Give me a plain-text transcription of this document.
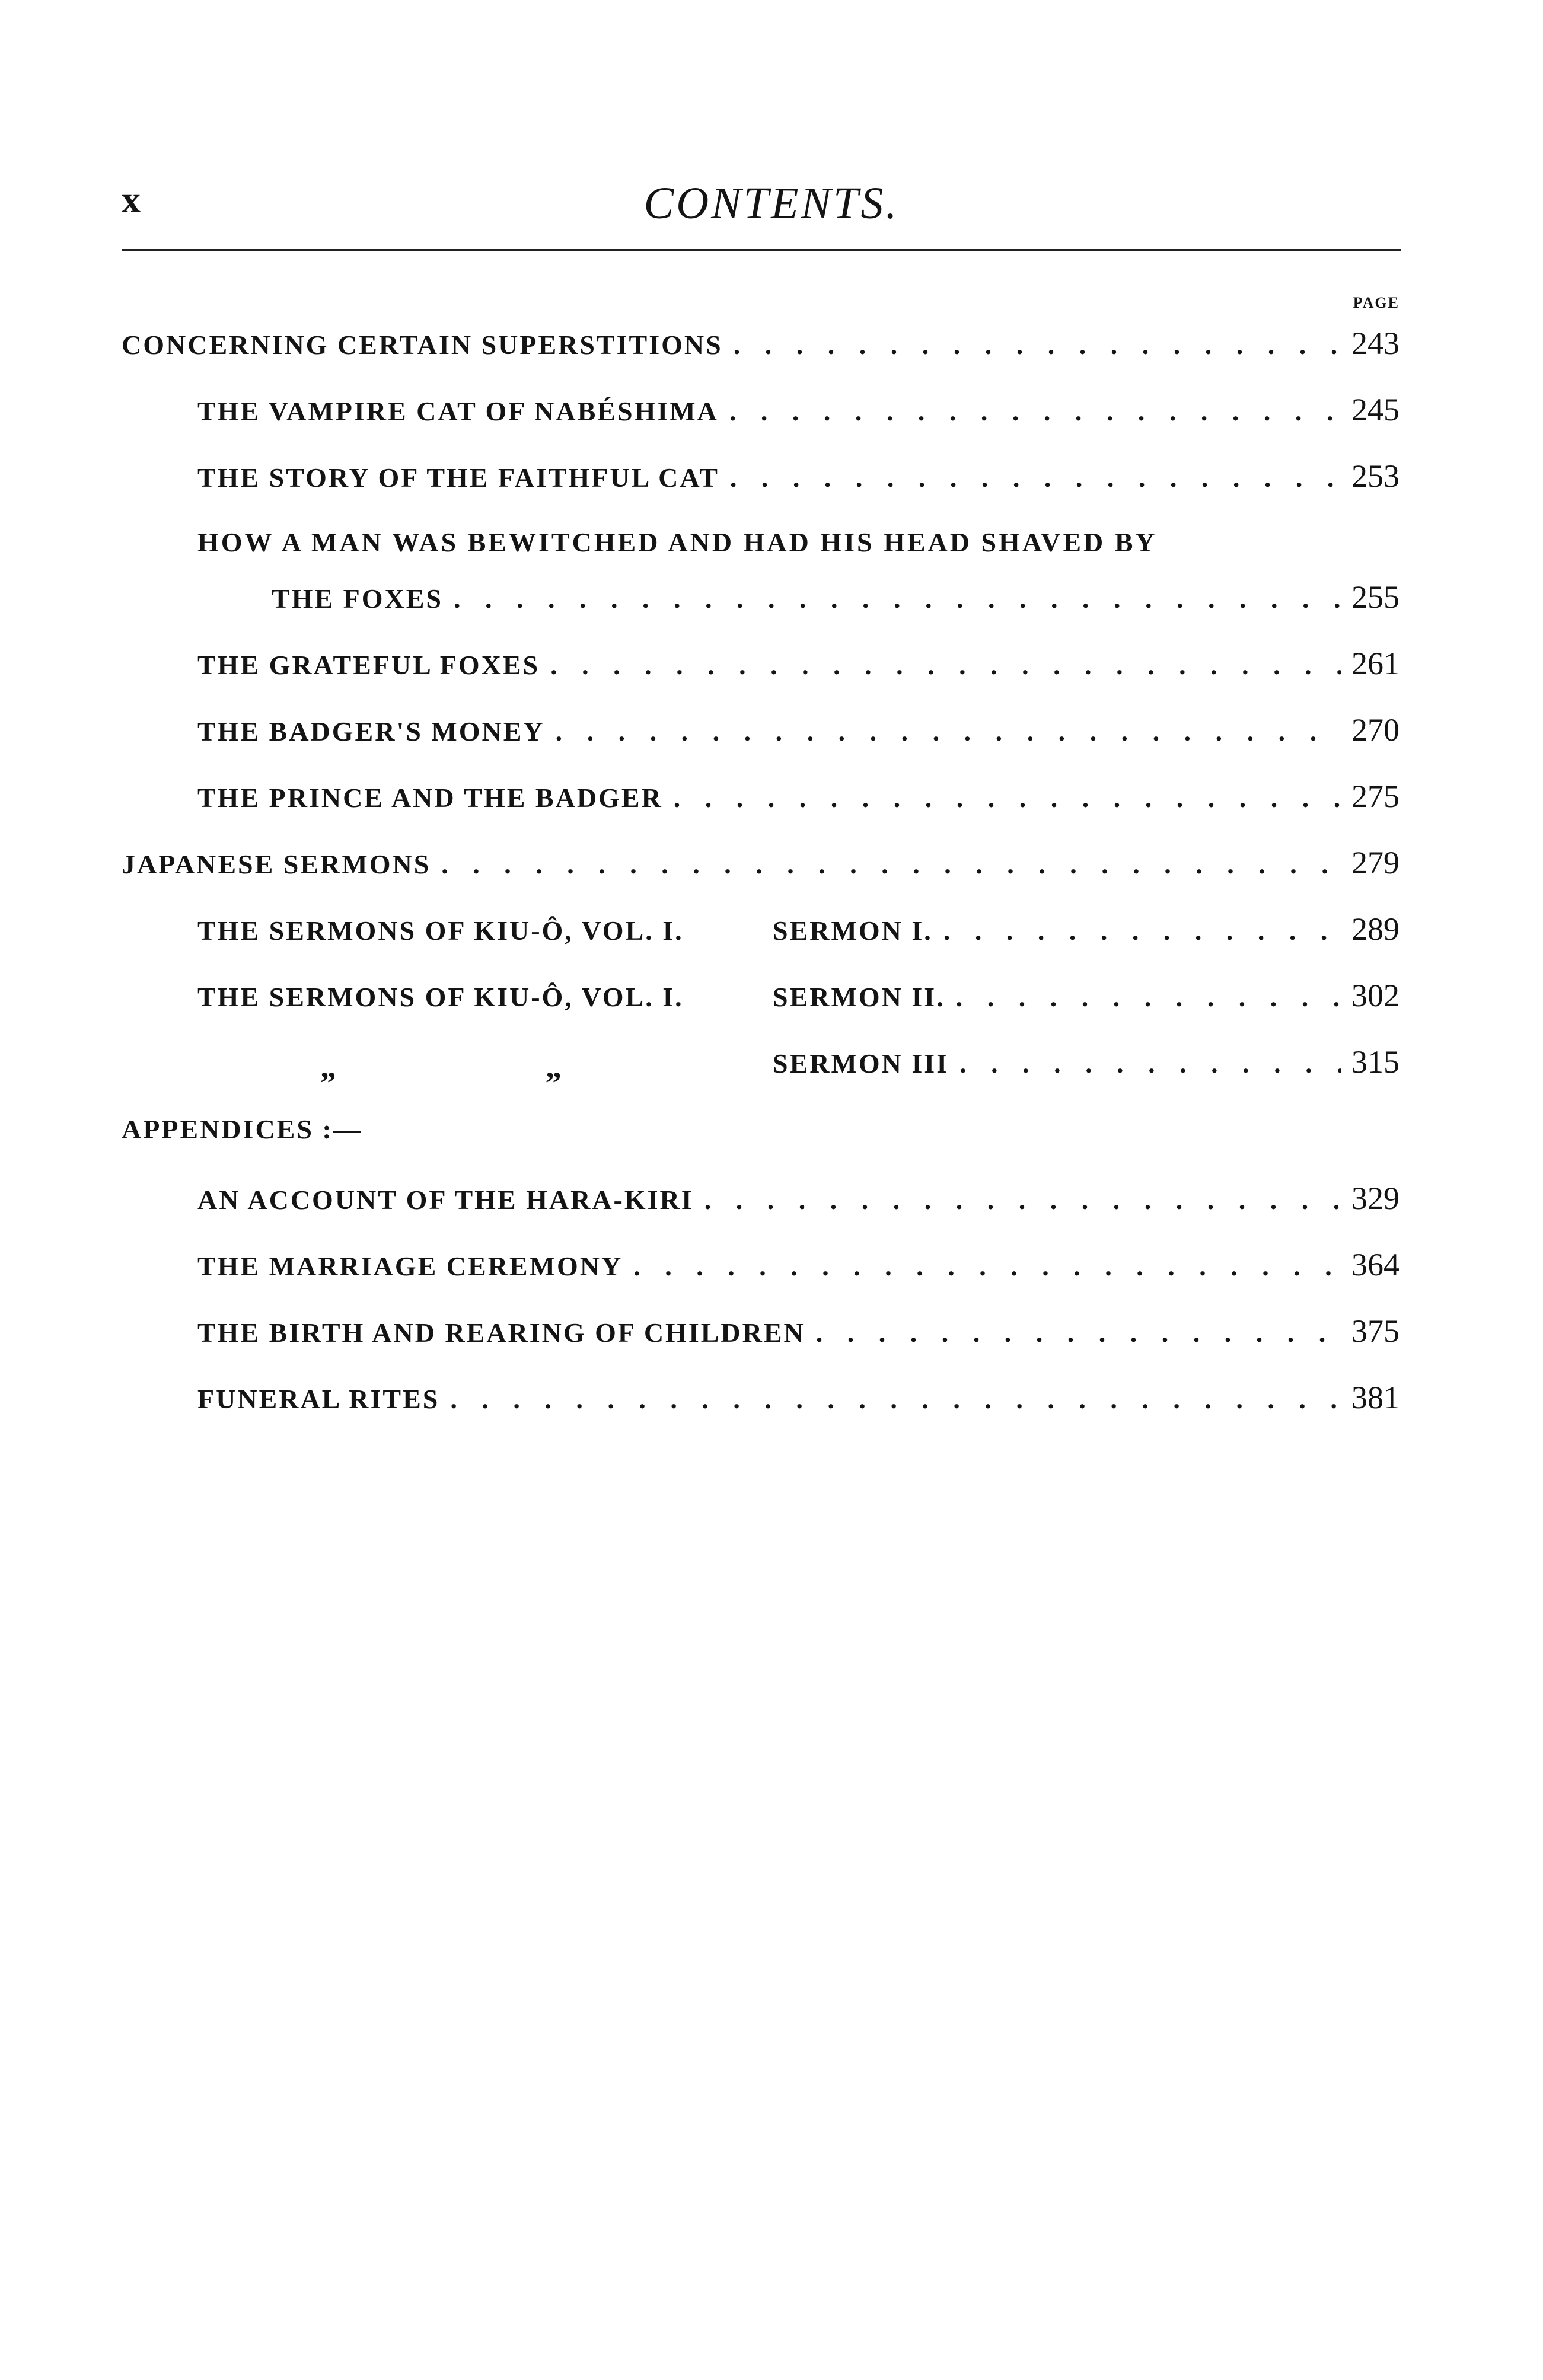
x	CONTENTS.
PAGE
CONCERNING CERTAIN SUPERSTITIONS . . .	243
THE VAMPIRE CAT OF NABÉSHIMA . . .	245
THE STORY OF THE FAITHFUL CAT . . .	253
HOW A MAN WAS BEWITCHED AND HAD HIS HEAD SHAVED BY
THE FOXES . . .	255
THE GRATEFUL FOXES . . .	261
THE BADGER'S MONEY . . .	270
THE PRINCE AND THE BADGER . . .	275
JAPANESE SERMONS . . .	279
THE SERMONS OF KIU-Ô, VOL. I.	SERMON I. . . .	289
THE SERMONS OF KIU-Ô, VOL. I.	SERMON II. . . .	302
„	„	SERMON III . . .	315
APPENDICES :—
AN ACCOUNT OF THE HARA-KIRI . . .	329
THE MARRIAGE CEREMONY . . .	364
THE BIRTH AND REARING OF CHILDREN . . .	375
FUNERAL RITES . . .	381
